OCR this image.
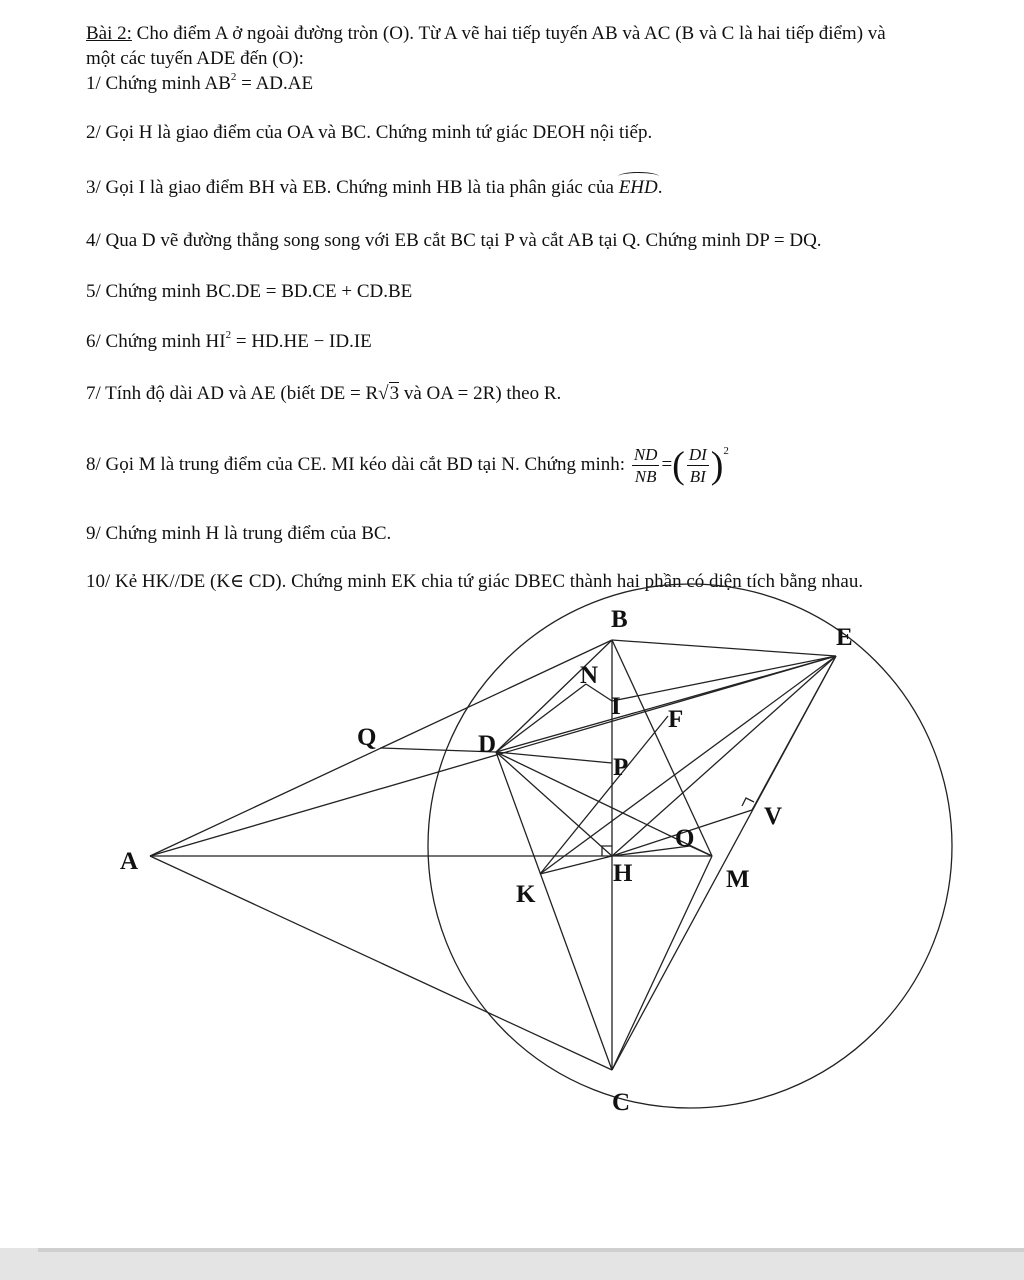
Bài 2: Cho điểm A ở ngoài đường tròn (O). Từ A vẽ hai tiếp tuyến AB và AC (B và C là hai tiếp điểm) và
một các tuyến ADE đến (O):
1/ Chứng minh $AB^2 = AD.AE$
2/ Gọi H là giao điểm của OA và BC. Chứng minh tứ giác DEOH nội tiếp.
3/ Gọi I là giao điểm BH và EB. Chứng minh HB là tia phân giác của EHD.
4/ Qua D vẽ đường thẳng song song với EB cắt BC tại P và cắt AB tại Q. Chứng minh DP = DQ.
5/ Chứng minh BC.DE = BD.CE + CD.BE
6/ Chứng minh $HI^2 = HD.HE - ID.IE$
7/ Tính độ dài AD và AE (biết DE = R√3 và OA = 2R) theo R.
8/ Gọi M là trung điểm của CE. MI kéo dài cắt BD tại N. Chứng minh: $\frac{ND}{NB}$ =( $\frac{DI}{BI} )^2$
9/ Chứng minh H là trung điểm của BC.
10/ Kẻ HK//DE (K∈ CD). Chứng minh EK chia tứ giác DBEC thành hai phần có diện tích bằng nhau.
B
E
N
I F
Q	D
P
V
O
A	H	M
K
C
